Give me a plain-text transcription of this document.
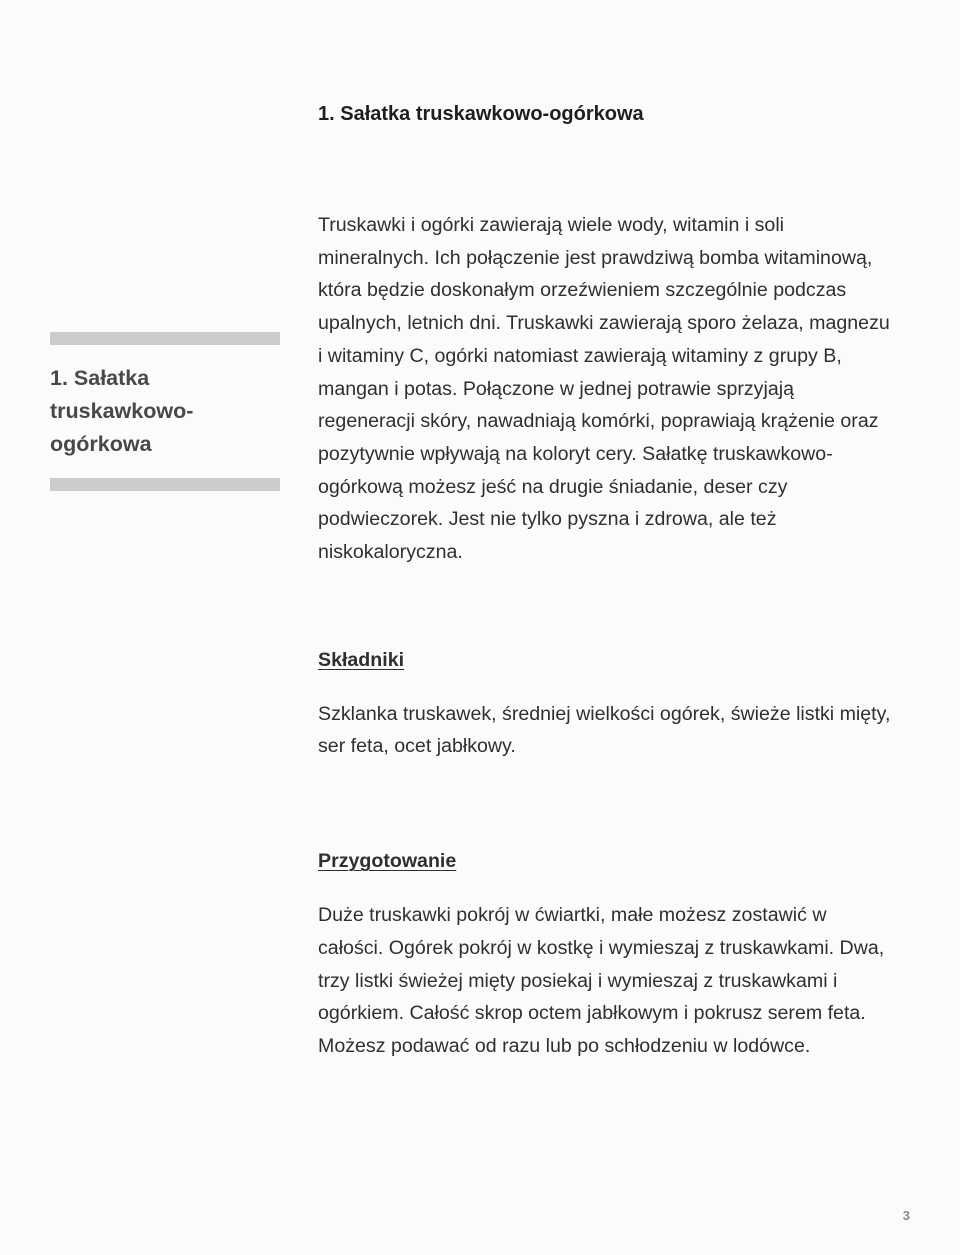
1. Sałatka truskawkowo-ogórkowa
1. Sałatka truskawkowo-ogórkowa

Truskawki i ogórki zawierają wiele wody, witamin i soli mineralnych. Ich połączenie jest prawdziwą bomba witaminową, która będzie doskonałym orzeźwieniem szczególnie podczas upalnych, letnich dni. Truskawki zawierają sporo żelaza, magnezu i witaminy C, ogórki natomiast zawierają witaminy z grupy B, mangan i potas. Połączone w jednej potrawie sprzyjają regeneracji skóry, nawadniają komórki, poprawiają krążenie oraz pozytywnie wpływają na koloryt cery. Sałatkę truskawkowo-ogórkową możesz jeść na drugie śniadanie, deser czy podwieczorek. Jest nie tylko pyszna i zdrowa, ale też niskokaloryczna.

Składniki

Szklanka truskawek, średniej wielkości ogórek, świeże listki mięty, ser feta, ocet jabłkowy.

Przygotowanie

Duże truskawki pokrój w ćwiartki, małe możesz zostawić w całości. Ogórek pokrój w kostkę i wymieszaj z truskawkami. Dwa, trzy listki świeżej mięty posiekaj i wymieszaj z truskawkami i ogórkiem. Całość skrop octem jabłkowym i pokrusz serem feta. Możesz podawać od razu lub po schłodzeniu w lodówce.

3
